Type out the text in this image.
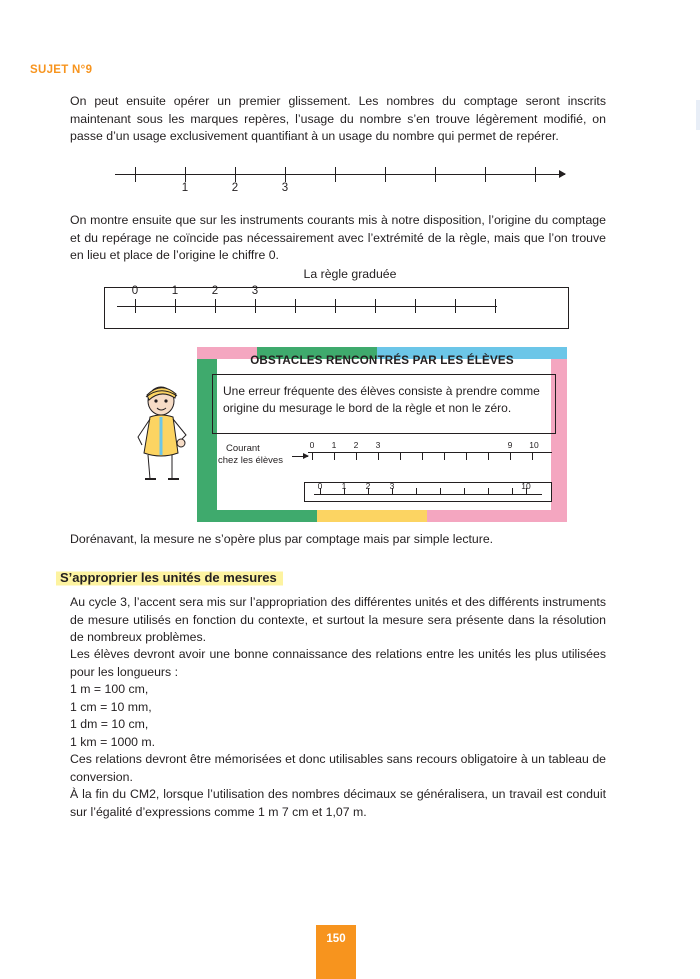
SUJET N°9
On peut ensuite opérer un premier glissement. Les nombres du comptage seront inscrits maintenant sous les marques repères, l’usage du nombre s’en trouve légèrement modifié, on passe d’un usage exclusivement quantifiant à un usage du nombre qui permet de repérer.
1	2	3
On montre ensuite que sur les instruments courants mis à notre disposition, l’origine du comptage et du repérage ne coïncide pas nécessairement avec l’extrémité de la règle, mais que l’on trouve en lieu et place de l’origine le chiffre 0.
La règle graduée
0	1	2	3
OBSTACLES RENCONTRÉS PAR LES ÉLÈVES
Une erreur fréquente des élèves consiste à prendre comme origine du mesurage le bord de la règle et non le zéro.
Courant
chez les élèves
0 1 2 3	9 10
0 1 2 3	10
Dorénavant, la mesure ne s’opère plus par comptage mais par simple lecture.
S’approprier les unités de mesures
Au cycle 3, l’accent sera mis sur l’appropriation des différentes unités et des différents instruments de mesure utilisés en fonction du contexte, et surtout la mesure sera présente dans la résolution de nombreux problèmes.
Les élèves devront avoir une bonne connaissance des relations entre les unités les plus utilisées pour les longueurs :
1 m = 100 cm,
1 cm = 10 mm,
1 dm = 10 cm,
1 km = 1000 m.
Ces relations devront être mémorisées et donc utilisables sans recours obligatoire à un tableau de conversion.
À la fin du CM2, lorsque l’utilisation des nombres décimaux se généralisera, un travail est conduit sur l’égalité d’expressions comme 1 m 7 cm et 1,07 m.
150
